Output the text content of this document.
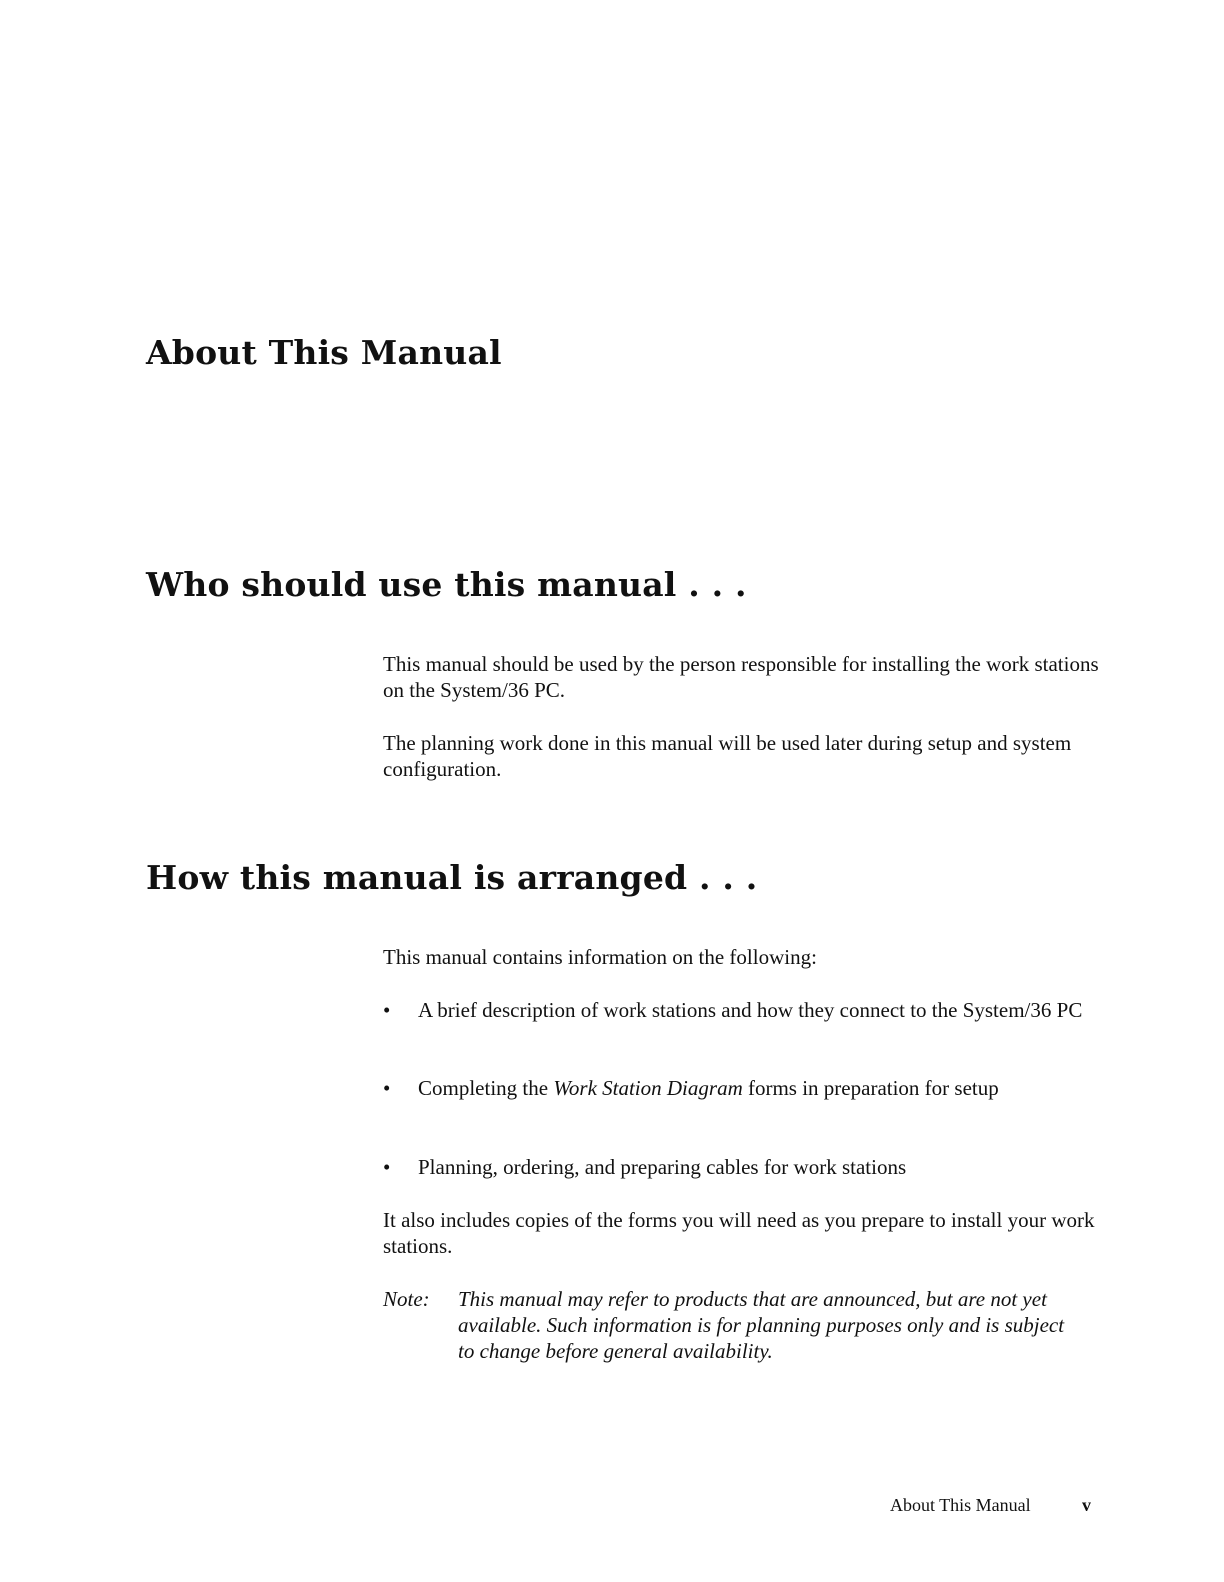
About This Manual
Who should use this manual . . .

This manual should be used by the person responsible for installing the work stations on the System/36 PC.

The planning work done in this manual will be used later during setup and system configuration.

How this manual is arranged . . .

This manual contains information on the following:

•	A brief description of work stations and how they connect to the System/36 PC
•	Completing the Work Station Diagram forms in preparation for setup
•	Planning, ordering, and preparing cables for work stations

It also includes copies of the forms you will need as you prepare to install your work stations.

Note: This manual may refer to products that are announced, but are not yet available. Such information is for planning purposes only and is subject to change before general availability.
About This Manual	v
